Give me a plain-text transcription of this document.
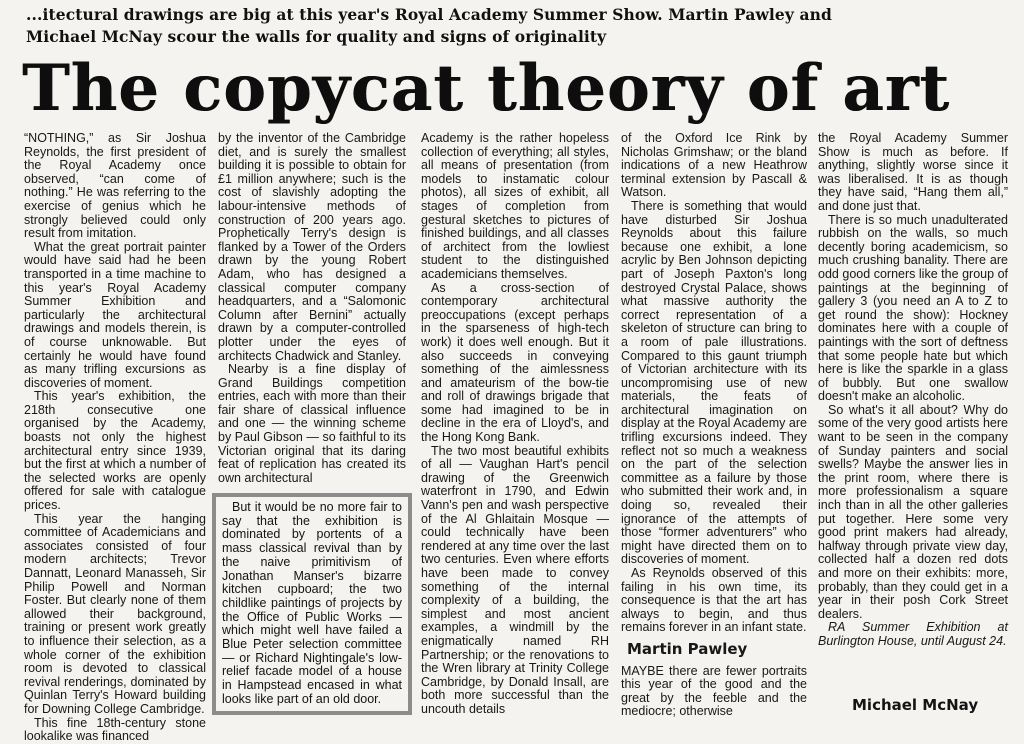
...itectural drawings are big at this year's Royal Academy Summer Show. Martin Pawley and
Michael McNay scour the walls for quality and signs of originality
The copycat theory of art

“NOTHING,” as Sir Joshua Reynolds, the first president of the Royal Academy once observed, “can come of nothing.” He was referring to the exercise of genius which he strongly believed could only result from imitation.

What the great portrait painter would have said had he been transported in a time machine to this year's Royal Academy Summer Exhibition and particularly the architectural drawings and models therein, is of course unknowable. But certainly he would have found as many trifling excursions as discoveries of moment.

This year's exhibition, the 218th consecutive one organised by the Academy, boasts not only the highest architectural entry since 1939, but the first at which a number of the selected works are openly offered for sale with catalogue prices.

This year the hanging committee of Academicians and associates consisted of four modern architects; Trevor Dannatt, Leonard Manasseh, Sir Philip Powell and Norman Foster. But clearly none of them allowed their background, training or present work greatly to influence their selection, as a whole corner of the exhibition room is devoted to classical revival renderings, dominated by Quinlan Terry's Howard building for Downing College Cambridge.

This fine 18th-century stone lookalike was financed

by the inventor of the Cambridge diet, and is surely the smallest building it is possible to obtain for £1 million anywhere; such is the cost of slavishly adopting the labour-intensive methods of construction of 200 years ago. Prophetically Terry's design is flanked by a Tower of the Orders drawn by the young Robert Adam, who has designed a classical computer company headquarters, and a “Salomonic Column after Bernini” actually drawn by a computer-controlled plotter under the eyes of architects Chadwick and Stanley.

Nearby is a fine display of Grand Buildings competition entries, each with more than their fair share of classical influence and one — the winning scheme by Paul Gibson — so faithful to its Victorian original that its daring feat of replication has created its own architectural

But it would be no more fair to say that the exhibition is dominated by portents of a mass classical revival than by the naive primitivism of Jonathan Manser's bizarre kitchen cupboard; the two childlike paintings of projects by the Office of Public Works — which might well have failed a Blue Peter selection committee — or Richard Nightingale's low-relief facade model of a house in Hampstead encased in what looks like part of an old door.

Academy is the rather hopeless collection of everything; all styles, all means of presentation (from models to instamatic colour photos), all sizes of exhibit, all stages of completion from gestural sketches to pictures of finished buildings, and all classes of architect from the lowliest student to the distinguished academicians themselves.

As a cross-section of contemporary architectural preoccupations (except perhaps in the sparseness of high-tech work) it does well enough. But it also succeeds in conveying something of the aimlessness and amateurism of the bow-tie and roll of drawings brigade that some had imagined to be in decline in the era of Lloyd's, and the Hong Kong Bank.

The two most beautiful exhibits of all — Vaughan Hart's pencil drawing of the Greenwich waterfront in 1790, and Edwin Vann's pen and wash perspective of the Al Ghlaitain Mosque — could technically have been rendered at any time over the last two centuries. Even where efforts have been made to convey something of the internal complexity of a building, the simplest and most ancient examples, a windmill by the enigmatically named RH Partnership; or the renovations to the Wren library at Trinity College Cambridge, by Donald Insall, are both more successful than the uncouth details

of the Oxford Ice Rink by Nicholas Grimshaw; or the bland indications of a new Heathrow terminal extension by Pascall & Watson.

There is something that would have disturbed Sir Joshua Reynolds about this failure because one exhibit, a lone acrylic by Ben Johnson depicting part of Joseph Paxton's long destroyed Crystal Palace, shows what massive authority the correct representation of a skeleton of structure can bring to a room of pale illustrations. Compared to this gaunt triumph of Victorian architecture with its uncompromising use of new materials, the feats of architectural imagination on display at the Royal Academy are trifling excursions indeed. They reflect not so much a weakness on the part of the selection committee as a failure by those who submitted their work and, in doing so, revealed their ignorance of the attempts of those “former adventurers” who might have directed them on to discoveries of moment.

As Reynolds observed of this failing in his own time, its consequence is that the art has always to begin, and thus remains forever in an infant state.

Martin Pawley

MAYBE there are fewer portraits this year of the good and the great by the feeble and the mediocre; otherwise

the Royal Academy Summer Show is much as before. If anything, slightly worse since it was liberalised. It is as though they have said, “Hang them all,” and done just that.

There is so much unadulterated rubbish on the walls, so much decently boring academicism, so much crushing banality. There are odd good corners like the group of paintings at the beginning of gallery 3 (you need an A to Z to get round the show): Hockney dominates here with a couple of paintings with the sort of deftness that some people hate but which here is like the sparkle in a glass of bubbly. But one swallow doesn't make an alcoholic.

So what's it all about? Why do some of the very good artists here want to be seen in the company of Sunday painters and social swells? Maybe the answer lies in the print room, where there is more professionalism a square inch than in all the other galleries put together. Here some very good print makers had already, halfway through private view day, collected half a dozen red dots and more on their exhibits: more, probably, than they could get in a year in their posh Cork Street dealers.

RA Summer Exhibition at Burlington House, until August 24.

Michael McNay
